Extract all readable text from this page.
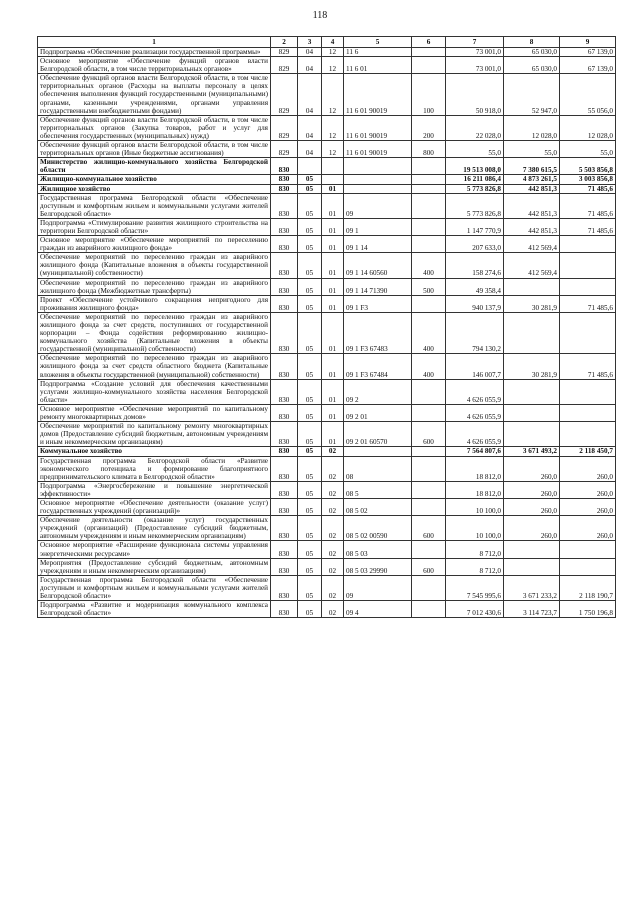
118
1	2	3	4	5	6	7	8	9
Подпрограмма «Обеспечение реализации государственной программы»	829	04	12	11 6		73 001,0	65 030,0	67 139,0
Основное мероприятие «Обеспечение функций органов власти Белгородской области, в том числе территориальных органов»	829	04	12	11 6 01		73 001,0	65 030,0	67 139,0
Обеспечение функций органов власти Белгородской области, в том числе территориальных органов (Расходы на выплаты персоналу в целях обеспечения выполнения функций государственными (муниципальными) органами, казенными учреждениями, органами управления государственными внебюджетными фондами)	829	04	12	11 6 01 90019	100	50 918,0	52 947,0	55 056,0
Обеспечение функций органов власти Белгородской области, в том числе территориальных органов (Закупка товаров, работ и услуг для обеспечения государственных (муниципальных) нужд)	829	04	12	11 6 01 90019	200	22 028,0	12 028,0	12 028,0
Обеспечение функций органов власти Белгородской области, в том числе территориальных органов (Иные бюджетные ассигнования)	829	04	12	11 6 01 90019	800	55,0	55,0	55,0
Министерство жилищно-коммунального хозяйства Белгородской области	830					19 513 008,0	7 380 615,5	5 503 856,8
Жилищно-коммунальное хозяйство	830	05				16 211 086,4	4 873 261,5	3 003 856,8
Жилищное хозяйство	830	05	01			5 773 826,8	442 851,3	71 485,6
Государственная программа Белгородской области «Обеспечение доступным и комфортным жильем и коммунальными услугами жителей Белгородской области»	830	05	01	09		5 773 826,8	442 851,3	71 485,6
Подпрограмма «Стимулирование развития жилищного строительства на территории Белгородской области»	830	05	01	09 1		1 147 770,9	442 851,3	71 485,6
Основное мероприятие «Обеспечение мероприятий по переселению граждан из аварийного жилищного фонда»	830	05	01	09 1 14		207 633,0	412 569,4	
Обеспечение мероприятий по переселению граждан из аварийного жилищного фонда (Капитальные вложения в объекты государственной (муниципальной) собственности)	830	05	01	09 1 14 60560	400	158 274,6	412 569,4	
Обеспечение мероприятий по переселению граждан из аварийного жилищного фонда (Межбюджетные трансферты)	830	05	01	09 1 14 71390	500	49 358,4		
Проект «Обеспечение устойчивого сокращения непригодного для проживания жилищного фонда»	830	05	01	09 1 F3		940 137,9	30 281,9	71 485,6
Обеспечение мероприятий по переселению граждан из аварийного жилищного фонда за счет средств, поступивших от государственной корпорации – Фонда содействия реформированию жилищно-коммунального хозяйства (Капитальные вложения в объекты государственной (муниципальной) собственности)	830	05	01	09 1 F3 67483	400	794 130,2		
Обеспечение мероприятий по переселению граждан из аварийного жилищного фонда за счет средств областного бюджета (Капитальные вложения в объекты государственной (муниципальной) собственности)	830	05	01	09 1 F3 67484	400	146 007,7	30 281,9	71 485,6
Подпрограмма «Создание условий для обеспечения качественными услугами жилищно-коммунального хозяйства населения Белгородской области»	830	05	01	09 2		4 626 055,9		
Основное мероприятие «Обеспечение мероприятий по капитальному ремонту многоквартирных домов»	830	05	01	09 2 01		4 626 055,9		
Обеспечение мероприятий по капитальному ремонту многоквартирных домов (Предоставление субсидий бюджетным, автономным учреждениям и иным некоммерческим организациям)	830	05	01	09 2 01 60570	600	4 626 055,9		
Коммунальное хозяйство	830	05	02			7 564 807,6	3 671 493,2	2 118 450,7
Государственная программа Белгородской области «Развитие экономического потенциала и формирование благоприятного предпринимательского климата в Белгородской области»	830	05	02	08		18 812,0	260,0	260,0
Подпрограмма «Энергосбережение и повышение энергетической эффективности»	830	05	02	08 5		18 812,0	260,0	260,0
Основное мероприятие «Обеспечение деятельности (оказание услуг) государственных учреждений (организаций)»	830	05	02	08 5 02		10 100,0	260,0	260,0
Обеспечение деятельности (оказание услуг) государственных учреждений (организаций) (Предоставление субсидий бюджетным, автономным учреждениям и иным некоммерческим организациям)	830	05	02	08 5 02 00590	600	10 100,0	260,0	260,0
Основное мероприятие «Расширение функционала системы управления энергетическими ресурсами»	830	05	02	08 5 03		8 712,0		
Мероприятия (Предоставление субсидий бюджетным, автономным учреждениям и иным некоммерческим организациям)	830	05	02	08 5 03 29990	600	8 712,0		
Государственная программа Белгородской области «Обеспечение доступным и комфортным жильем и коммунальными услугами жителей Белгородской области»	830	05	02	09		7 545 995,6	3 671 233,2	2 118 190,7
Подпрограмма «Развитие и модернизация коммунального комплекса Белгородской области»	830	05	02	09 4		7 012 430,6	3 114 723,7	1 750 196,8
